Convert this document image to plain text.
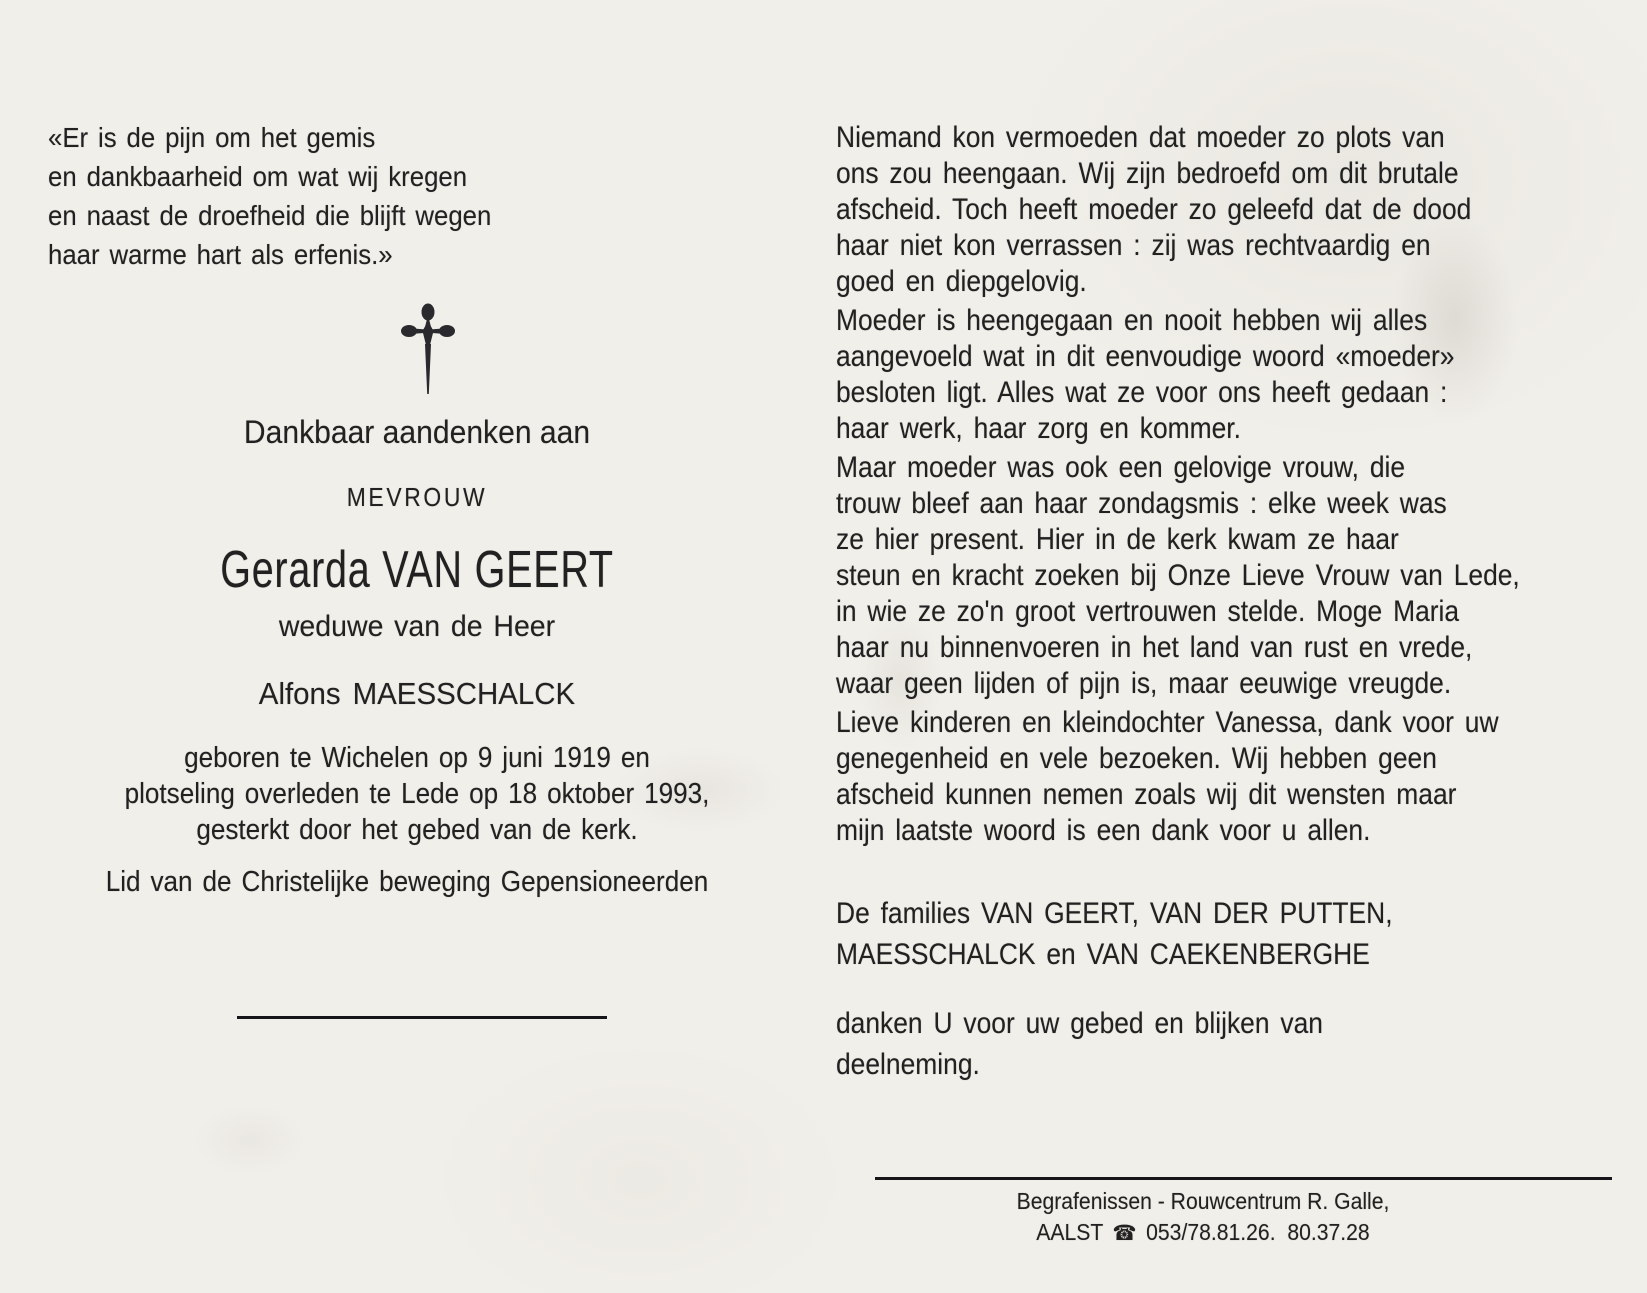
«Er is de pijn om het gemis
en dankbaarheid om wat wij kregen
en naast de droefheid die blijft wegen
haar warme hart als erfenis.»
Dankbaar aandenken aan
MEVROUW
Gerarda VAN GEERT
weduwe van de Heer
Alfons MAESSCHALCK
geboren te Wichelen op 9 juni 1919 en
plotseling overleden te Lede op 18 oktober 1993,
gesterkt door het gebed van de kerk.
Lid van de Christelijke beweging Gepensioneerden
Niemand kon vermoeden dat moeder zo plots van
ons zou heengaan. Wij zijn bedroefd om dit brutale
afscheid. Toch heeft moeder zo geleefd dat de dood
haar niet kon verrassen : zij was rechtvaardig en
goed en diepgelovig.
Moeder is heengegaan en nooit hebben wij alles
aangevoeld wat in dit eenvoudige woord «moeder»
besloten ligt. Alles wat ze voor ons heeft gedaan :
haar werk, haar zorg en kommer.
Maar moeder was ook een gelovige vrouw, die
trouw bleef aan haar zondagsmis : elke week was
ze hier present. Hier in de kerk kwam ze haar
steun en kracht zoeken bij Onze Lieve Vrouw van Lede,
in wie ze zo'n groot vertrouwen stelde. Moge Maria
haar nu binnenvoeren in het land van rust en vrede,
waar geen lijden of pijn is, maar eeuwige vreugde.
Lieve kinderen en kleindochter Vanessa, dank voor uw
genegenheid en vele bezoeken. Wij hebben geen
afscheid kunnen nemen zoals wij dit wensten maar
mijn laatste woord is een dank voor u allen.
De families VAN GEERT, VAN DER PUTTEN,
MAESSCHALCK en VAN CAEKENBERGHE
danken U voor uw gebed en blijken van
deelneming.
Begrafenissen - Rouwcentrum R. Galle,
AALST ☎ 053/78.81.26.  80.37.28
